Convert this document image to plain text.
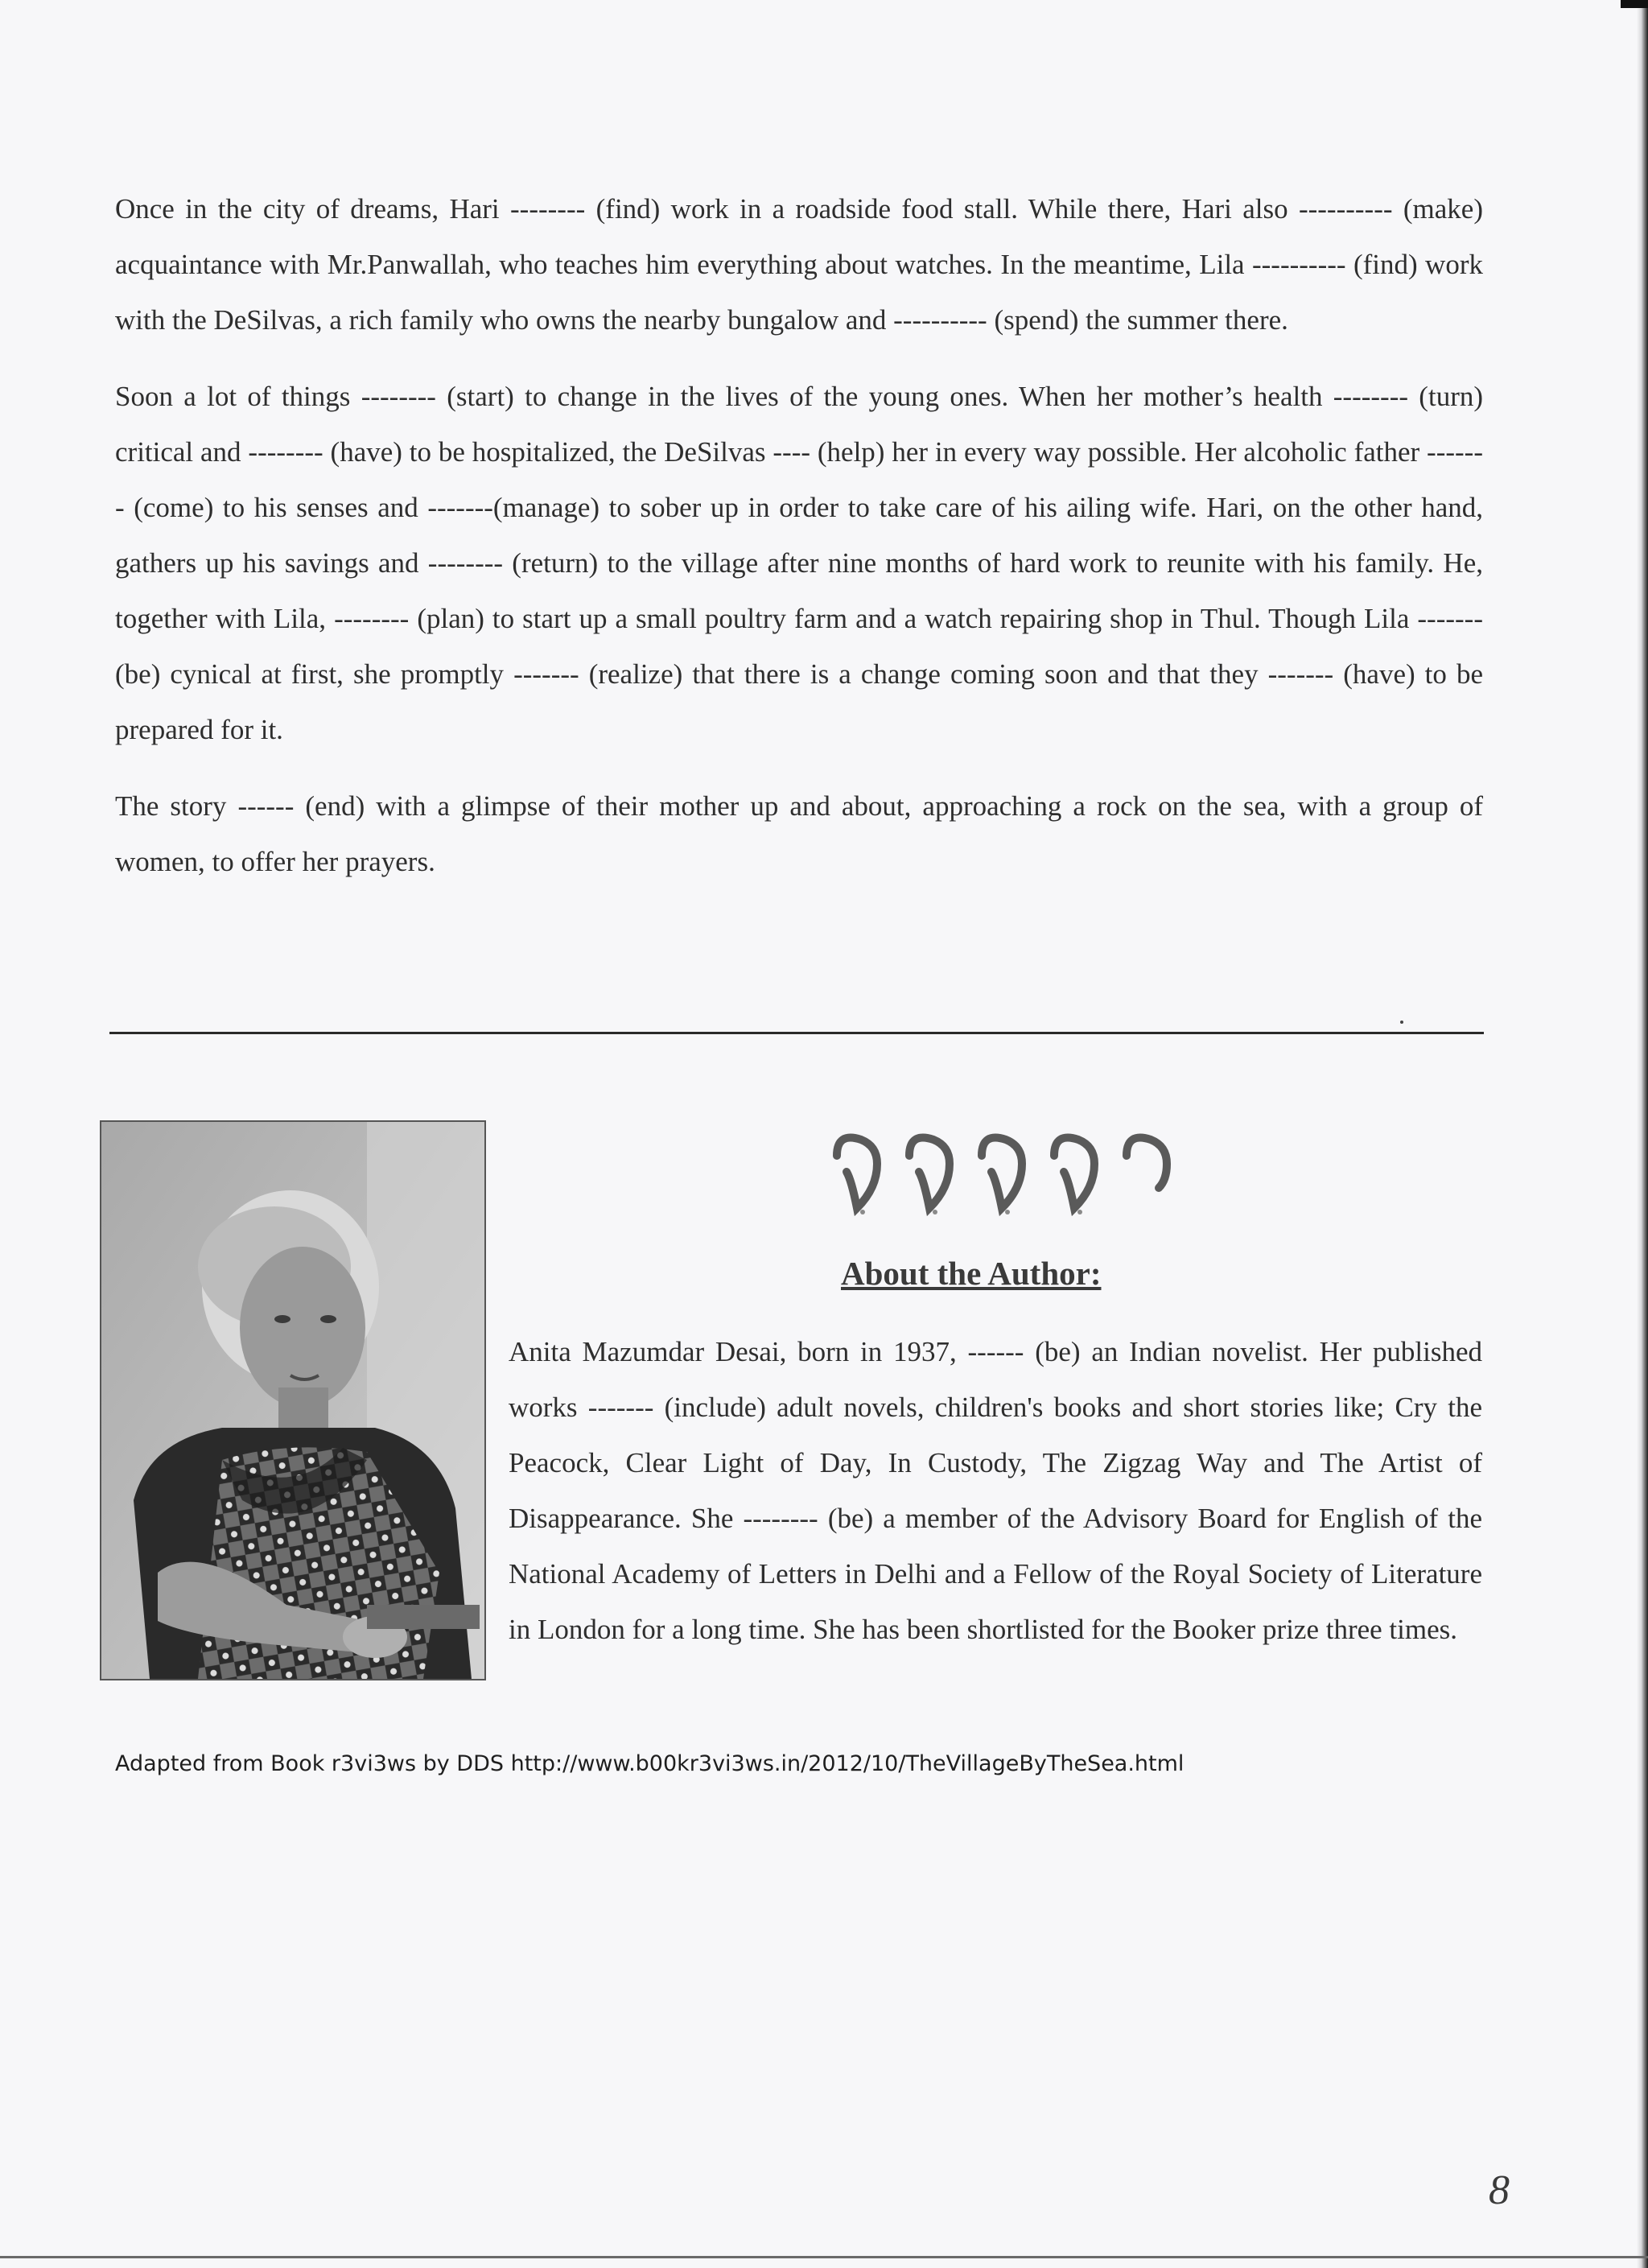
Once in the city of dreams, Hari -------- (find) work in a roadside food stall. While there, Hari also ---------- (make) acquaintance with Mr.Panwallah, who teaches him everything about watches. In the meantime, Lila ---------- (find) work with the DeSilvas, a rich family who owns the nearby bungalow and ---------- (spend) the summer there.

Soon a lot of things -------- (start) to change in the lives of the young ones. When her mother’s health -------- (turn) critical and -------- (have) to be hospitalized, the DeSilvas ---- (help) her in every way possible. Her alcoholic father ------- (come) to his senses and -------(manage) to sober up in order to take care of his ailing wife. Hari, on the other hand, gathers up his savings and -------- (return) to the village after nine months of hard work to reunite with his family. He, together with Lila, -------- (plan) to start up a small poultry farm and a watch repairing shop in Thul. Though Lila ------- (be) cynical at first, she promptly ------- (realize) that there is a change coming soon and that they ------- (have) to be prepared for it.

The story ------ (end) with a glimpse of their mother up and about, approaching a rock on the sea, with a group of women, to offer her prayers.

About the Author:

Anita Mazumdar Desai, born in 1937, ------ (be) an Indian novelist. Her published works ------- (include) adult novels, children's books and short stories like; Cry the Peacock, Clear Light of Day, In Custody, The Zigzag Way and The Artist of Disappearance. She -------- (be) a member of the Advisory Board for English of the National Academy of Letters in Delhi and a Fellow of the Royal Society of Literature in London for a long time. She has been shortlisted for the Booker prize three times.

Adapted from Book r3vi3ws by DDS http://www.b00kr3vi3ws.in/2012/10/TheVillageByTheSea.html
8
